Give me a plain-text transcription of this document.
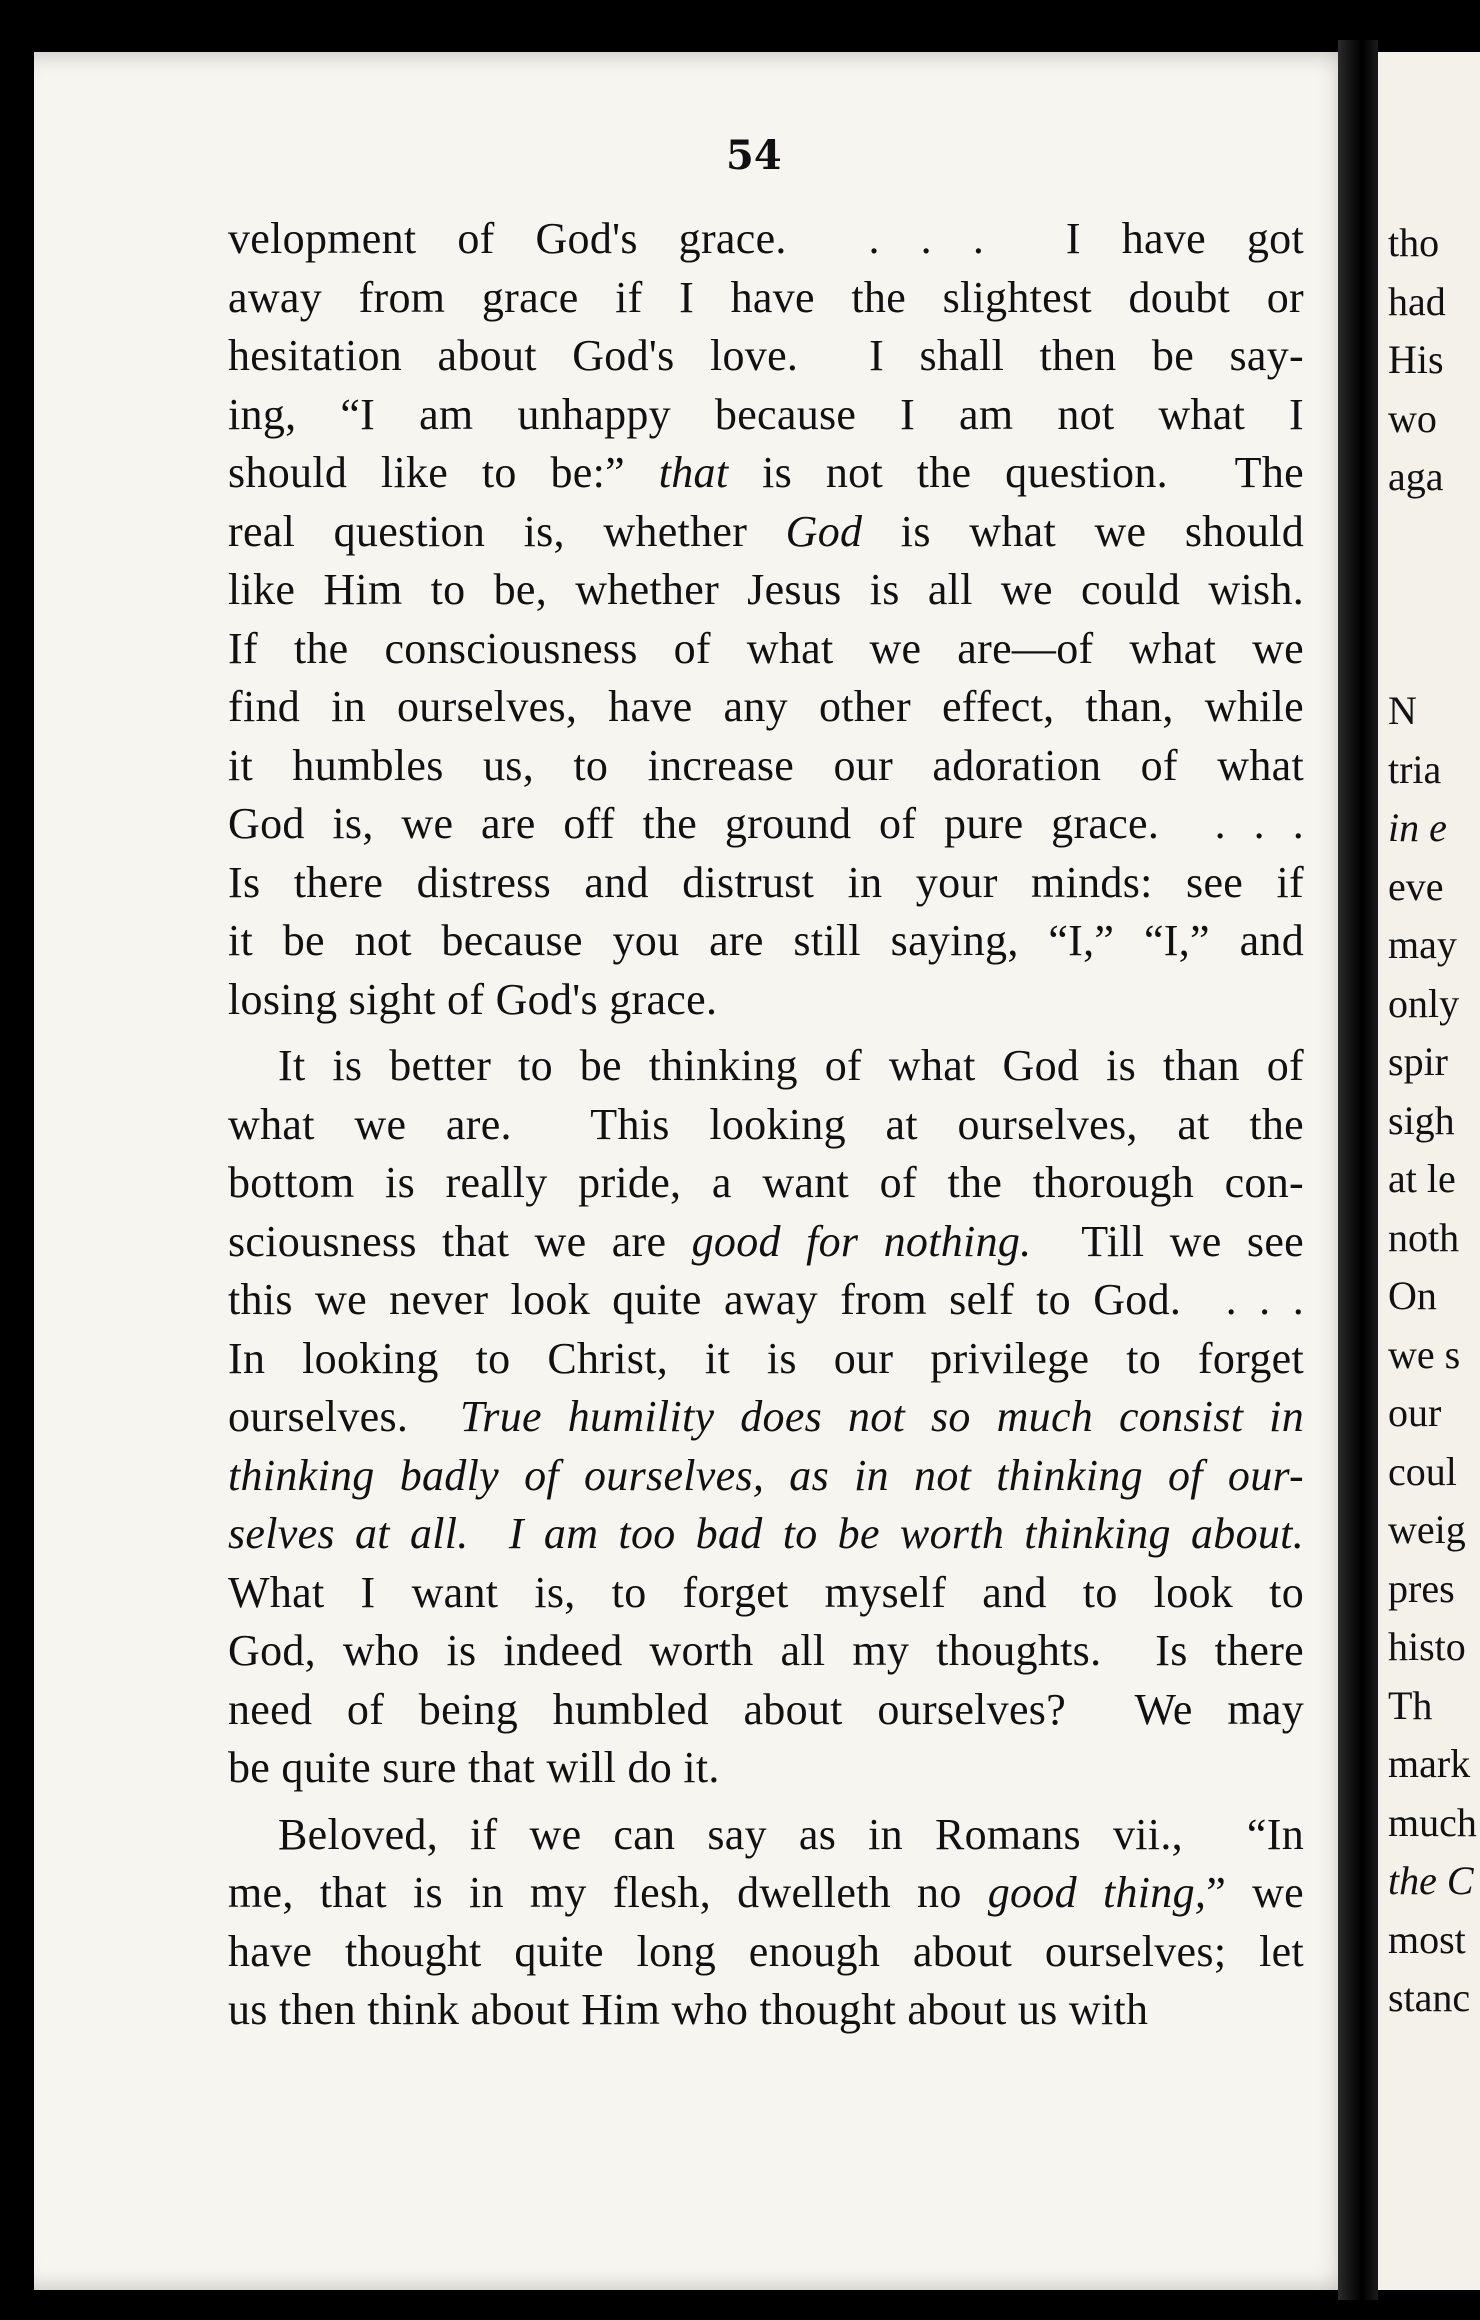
tho
had
His
wo
aga
N
tria
in e
eve
may
only
spir
sigh
at le
noth
On
we s
our
coul
weig
pres
histo
Th
mark
much
the C
most
stanc
54
velopment of God's grace.  . . .  I have got
away from grace if I have the slightest doubt or
hesitation about God's love.  I shall then be say-
ing, “I am unhappy because I am not what I
should like to be:” that is not the question.  The
real question is, whether God is what we should
like Him to be, whether Jesus is all we could wish.
If the consciousness of what we are—of what we
find in ourselves, have any other effect, than, while
it humbles us, to increase our adoration of what
God is, we are off the ground of pure grace.  . . .
Is there distress and distrust in your minds: see if
it be not because you are still saying, “I,” “I,” and
losing sight of God's grace.
It is better to be thinking of what God is than of
what we are.  This looking at ourselves, at the
bottom is really pride, a want of the thorough con-
sciousness that we are good for nothing.  Till we see
this we never look quite away from self to God.  . . .
In looking to Christ, it is our privilege to forget
ourselves.  True humility does not so much consist in
thinking badly of ourselves, as in not thinking of our-
selves at all.  I am too bad to be worth thinking about.
What I want is, to forget myself and to look to
God, who is indeed worth all my thoughts.  Is there
need of being humbled about ourselves?  We may
be quite sure that will do it.
Beloved, if we can say as in Romans vii.,  “In
me, that is in my flesh, dwelleth no good thing,” we
have thought quite long enough about ourselves; let
us then think about Him who thought about us with
